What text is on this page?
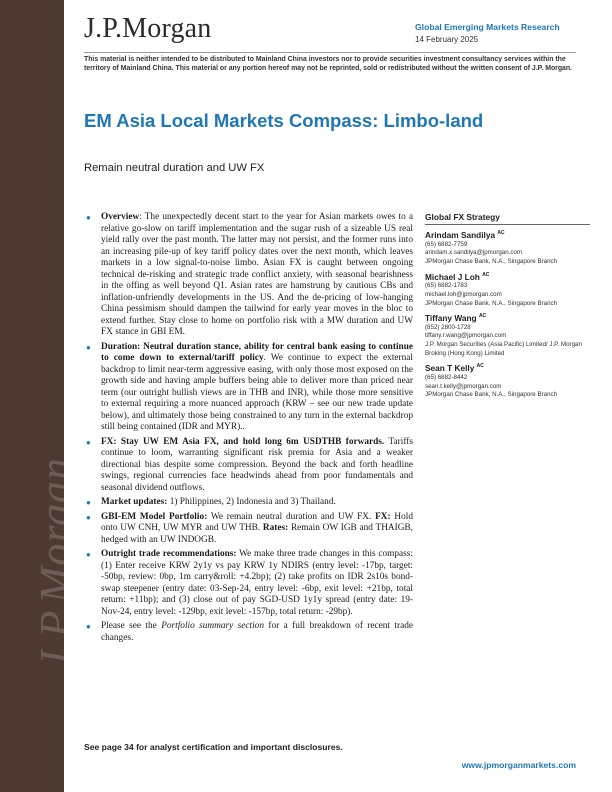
J.P.Morgan
J.P.Morgan	Global Emerging Markets Research
14 February 2025
This material is neither intended to be distributed to Mainland China investors nor to provide securities investment consultancy services within the territory of Mainland China. This material or any portion hereof may not be reprinted, sold or redistributed without the written consent of J.P. Morgan.
EM Asia Local Markets Compass: Limbo-land
Remain neutral duration and UW FX
● Overview: The unexpectedly decent start to the year for Asian markets owes to a relative go-slow on tariff implementation and the sugar rush of a sizeable US real yield rally over the past month. The latter may not persist, and the former runs into an increasing pile-up of key tariff policy dates over the next month, which leaves markets in a low signal-to-noise limbo. Asian FX is caught between ongoing technical de-risking and strategic trade conflict anxiety, with seasonal bearishness in the offing as well beyond Q1. Asian rates are hamstrung by cautious CBs and inflation-unfriendly developments in the US. And the de-pricing of low-hanging China pessimism should dampen the tailwind for early year moves in the bloc to extend further. Stay close to home on portfolio risk with a MW duration and UW FX stance in GBI EM.
● Duration: Neutral duration stance, ability for central bank easing to continue to come down to external/tariff policy. We continue to expect the external backdrop to limit near-term aggressive easing, with only those most exposed on the growth side and having ample buffers being able to deliver more than priced near term (our outright bullish views are in THB and INR), while those more sensitive to external requiring a more nuanced approach (KRW – see our new trade update below), and ultimately those being constrained to any turn in the external backdrop still being contained (IDR and MYR)..
● FX: Stay UW EM Asia FX, and hold long 6m USDTHB forwards. Tariffs continue to loom, warranting significant risk premia for Asia and a weaker directional bias despite some compression. Beyond the back and forth headline swings, regional currencies face headwinds ahead from poor fundamentals and seasonal dividend outflows.
● Market updates: 1) Philippines, 2) Indonesia and 3) Thailand.
● GBI-EM Model Portfolio: We remain neutral duration and UW FX. FX: Hold onto UW CNH, UW MYR and UW THB. Rates: Remain OW IGB and THAIGB, hedged with an UW INDOGB.
● Outright trade recommendations: We make three trade changes in this compass: (1) Enter receive KRW 2y1y vs pay KRW 1y NDIRS (entry level: -17bp, target: -50bp, review: 0bp, 1m carry&roll: +4.2bp); (2) take profits on IDR 2s10s bond-swap steepener (entry date: 03-Sep-24, entry level: -6bp, exit level: +21bp, total return: +11bp); and (3) close out of pay SGD-USD 1y1y spread (entry date: 19-Nov-24, entry level: -129bp, exit level: -157bp, total return: -29bp).
● Please see the Portfolio summary section for a full breakdown of recent trade changes.
Global FX Strategy
Arindam Sandilya $^{AC}$
(65) 6882-7759
arindam.x.sandilya@jpmorgan.com
JPMorgan Chase Bank, N.A., Singapore Branch
Michael J Loh $^{AC}$
(65) 6882-1783
michael.loh@jpmorgan.com
JPMorgan Chase Bank, N.A., Singapore Branch
Tiffany Wang $^{AC}$
(852) 2800-1728
tiffany.r.wang@jpmorgan.com
J.P. Morgan Securities (Asia Pacific) Limited/ J.P. Morgan Broking (Hong Kong) Limited
Sean T Kelly $^{AC}$
(65) 6882-8442
sean.t.kelly@jpmorgan.com
JPMorgan Chase Bank, N.A., Singapore Branch
See page 34 for analyst certification and important disclosures.
www.jpmorganmarkets.com
